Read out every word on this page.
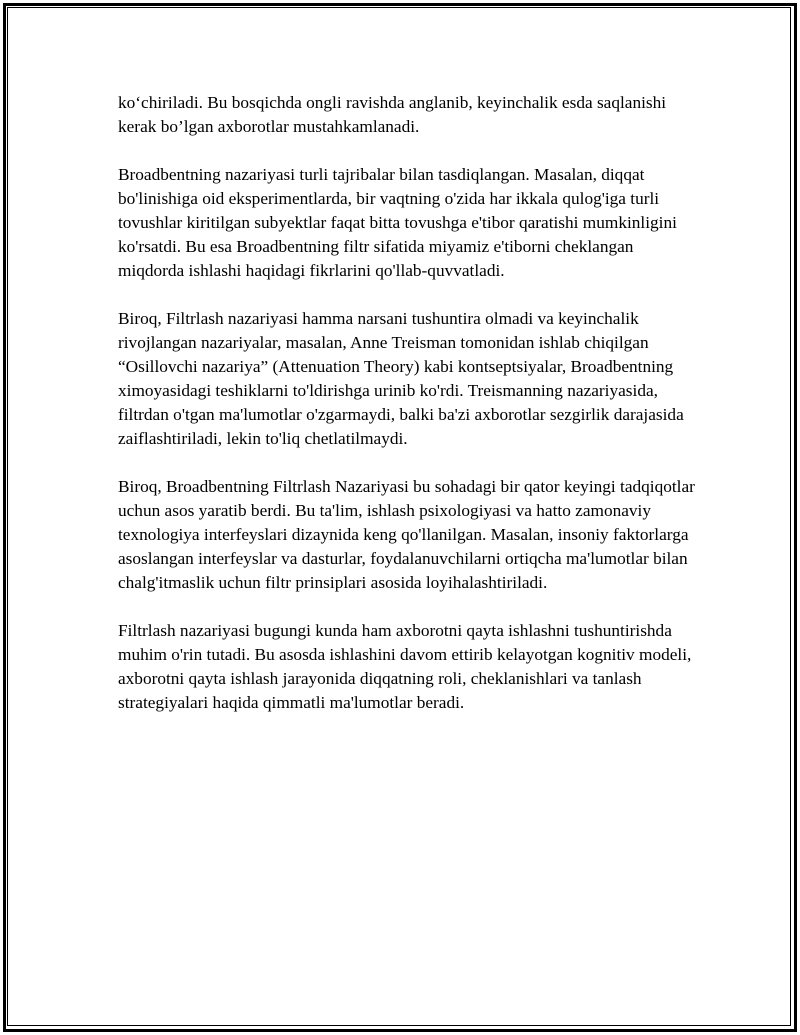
ko‘chiriladi. Bu bosqichda ongli ravishda anglanib, keyinchalik esda saqlanishi kerak bo’lgan axborotlar mustahkamlanadi.

Broadbentning nazariyasi turli tajribalar bilan tasdiqlangan. Masalan, diqqat bo'linishiga oid eksperimentlarda, bir vaqtning o'zida har ikkala qulog'iga turli tovushlar kiritilgan subyektlar faqat bitta tovushga e'tibor qaratishi mumkinligini ko'rsatdi. Bu esa Broadbentning filtr sifatida miyamiz e'tiborni cheklangan miqdorda ishlashi haqidagi fikrlarini qo'llab-quvvatladi.

Biroq, Filtrlash nazariyasi hamma narsani tushuntira olmadi va keyinchalik rivojlangan nazariyalar, masalan, Anne Treisman tomonidan ishlab chiqilgan “Osillovchi nazariya” (Attenuation Theory) kabi kontseptsiyalar, Broadbentning ximoyasidagi teshiklarni to'ldirishga urinib ko'rdi. Treismanning nazariyasida, filtrdan o'tgan ma'lumotlar o'zgarmaydi, balki ba'zi axborotlar sezgirlik darajasida zaiflashtiriladi, lekin to'liq chetlatilmaydi.

Biroq, Broadbentning Filtrlash Nazariyasi bu sohadagi bir qator keyingi tadqiqotlar uchun asos yaratib berdi. Bu ta'lim, ishlash psixologiyasi va hatto zamonaviy texnologiya interfeyslari dizaynida keng qo'llanilgan. Masalan, insoniy faktorlarga asoslangan interfeyslar va dasturlar, foydalanuvchilarni ortiqcha ma'lumotlar bilan chalg'itmaslik uchun filtr prinsiplari asosida loyihalashtiriladi.

Filtrlash nazariyasi bugungi kunda ham axborotni qayta ishlashni tushuntirishda muhim o'rin tutadi. Bu asosda ishlashini davom ettirib kelayotgan kognitiv modeli, axborotni qayta ishlash jarayonida diqqatning roli, cheklanishlari va tanlash strategiyalari haqida qimmatli ma'lumotlar beradi.
